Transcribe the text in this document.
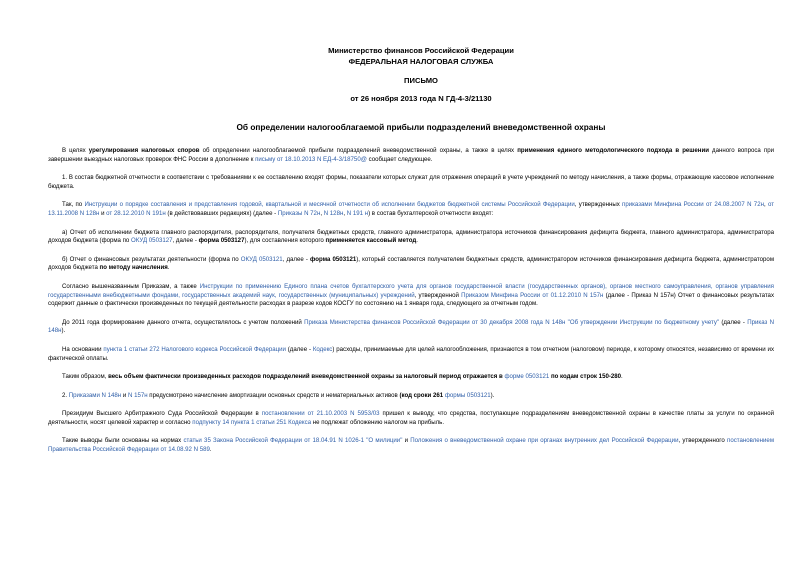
Министерство финансов Российской Федерации

ФЕДЕРАЛЬНАЯ НАЛОГОВАЯ СЛУЖБА

ПИСЬМО

от 26 ноября 2013 года N ГД-4-3/21130

Об определении налогооблагаемой прибыли подразделений вневедомственной охраны

В целях урегулирования налоговых споров об определении налогооблагаемой прибыли подразделений вневедомственной охраны, а также в целях применения единого методологического подхода в решении данного вопроса при завершении выездных налоговых проверок ФНС России в дополнение к письму от 18.10.2013 N ЕД-4-3/18750@ сообщает следующее.

1. В состав бюджетной отчетности в соответствии с требованиями к ее составлению входят формы, показатели которых служат для отражения операций в учете учреждений по методу начисления, а также формы, отражающие кассовое исполнение бюджета.

Так, по Инструкции о порядке составления и представления годовой, квартальной и месячной отчетности об исполнении бюджетов бюджетной системы Российской Федерации, утвержденных приказами Минфина России от 24.08.2007 N 72н, от 13.11.2008 N 128н и от 28.12.2010 N 191н (в действовавших редакциях) (далее - Приказы N 72н, N 128н, N 191 н) в состав бухгалтерской отчетности входят:

а) Отчет об исполнении бюджета главного распорядителя, распорядителя, получателя бюджетных средств, главного администратора, администратора источников финансирования дефицита бюджета, главного администратора, администратора доходов бюджета (форма по ОКУД 0503127, далее - форма 0503127), для составления которого применяется кассовый метод.

б) Отчет о финансовых результатах деятельности (форма по ОКУД 0503121, далее - форма 0503121), который составляется получателем бюджетных средств, администратором источников финансирования дефицита бюджета, администратором доходов бюджета по методу начисления.

Согласно вышеназванным Приказам, а также Инструкции по применению Единого плана счетов бухгалтерского учета для органов государственной власти (государственных органов), органов местного самоуправления, органов управления государственными внебюджетными фондами, государственных академий наук, государственных (муниципальных) учреждений, утвержденной Приказом Минфина России от 01.12.2010 N 157н (далее - Приказ N 157н) Отчет о финансовых результатах содержит данные о фактически произведенных по текущей деятельности расходах в разрезе кодов КОСГУ по состоянию на 1 января года, следующего за отчетным годом.

До 2011 года формирование данного отчета, осуществлялось с учетом положений Приказа Министерства финансов Российской Федерации от 30 декабря 2008 года N 148н "Об утверждении Инструкции по бюджетному учету" (далее - Приказ N 148н).

На основании пункта 1 статьи 272 Налогового кодекса Российской Федерации (далее - Кодекс) расходы, принимаемые для целей налогообложения, признаются в том отчетном (налоговом) периоде, к которому относятся, независимо от времени их фактической оплаты.

Таким образом, весь объем фактически произведенных расходов подразделений вневедомственной охраны за налоговый период отражается в форме 0503121 по кодам строк 150-280.

2. Приказами N 148н и N 157н предусмотрено начисление амортизации основных средств и нематериальных активов (код сроки 261 формы 0503121).

Президиум Высшего Арбитражного Суда Российской Федерации в постановлении от 21.10.2003 N 5953/03 пришел к выводу, что средства, поступающие подразделениям вневедомственной охраны в качестве платы за услуги по охранной деятельности, носят целевой характер и согласно подпункту 14 пункта 1 статьи 251 Кодекса не подлежат обложению налогом на прибыль.

Такие выводы были основаны на нормах статьи 35 Закона Российской Федерации от 18.04.91 N 1026-1 "О милиции" и Положения о вневедомственной охране при органах внутренних дел Российской Федерации, утвержденного постановлением Правительства Российской Федерации от 14.08.92 N 589.
